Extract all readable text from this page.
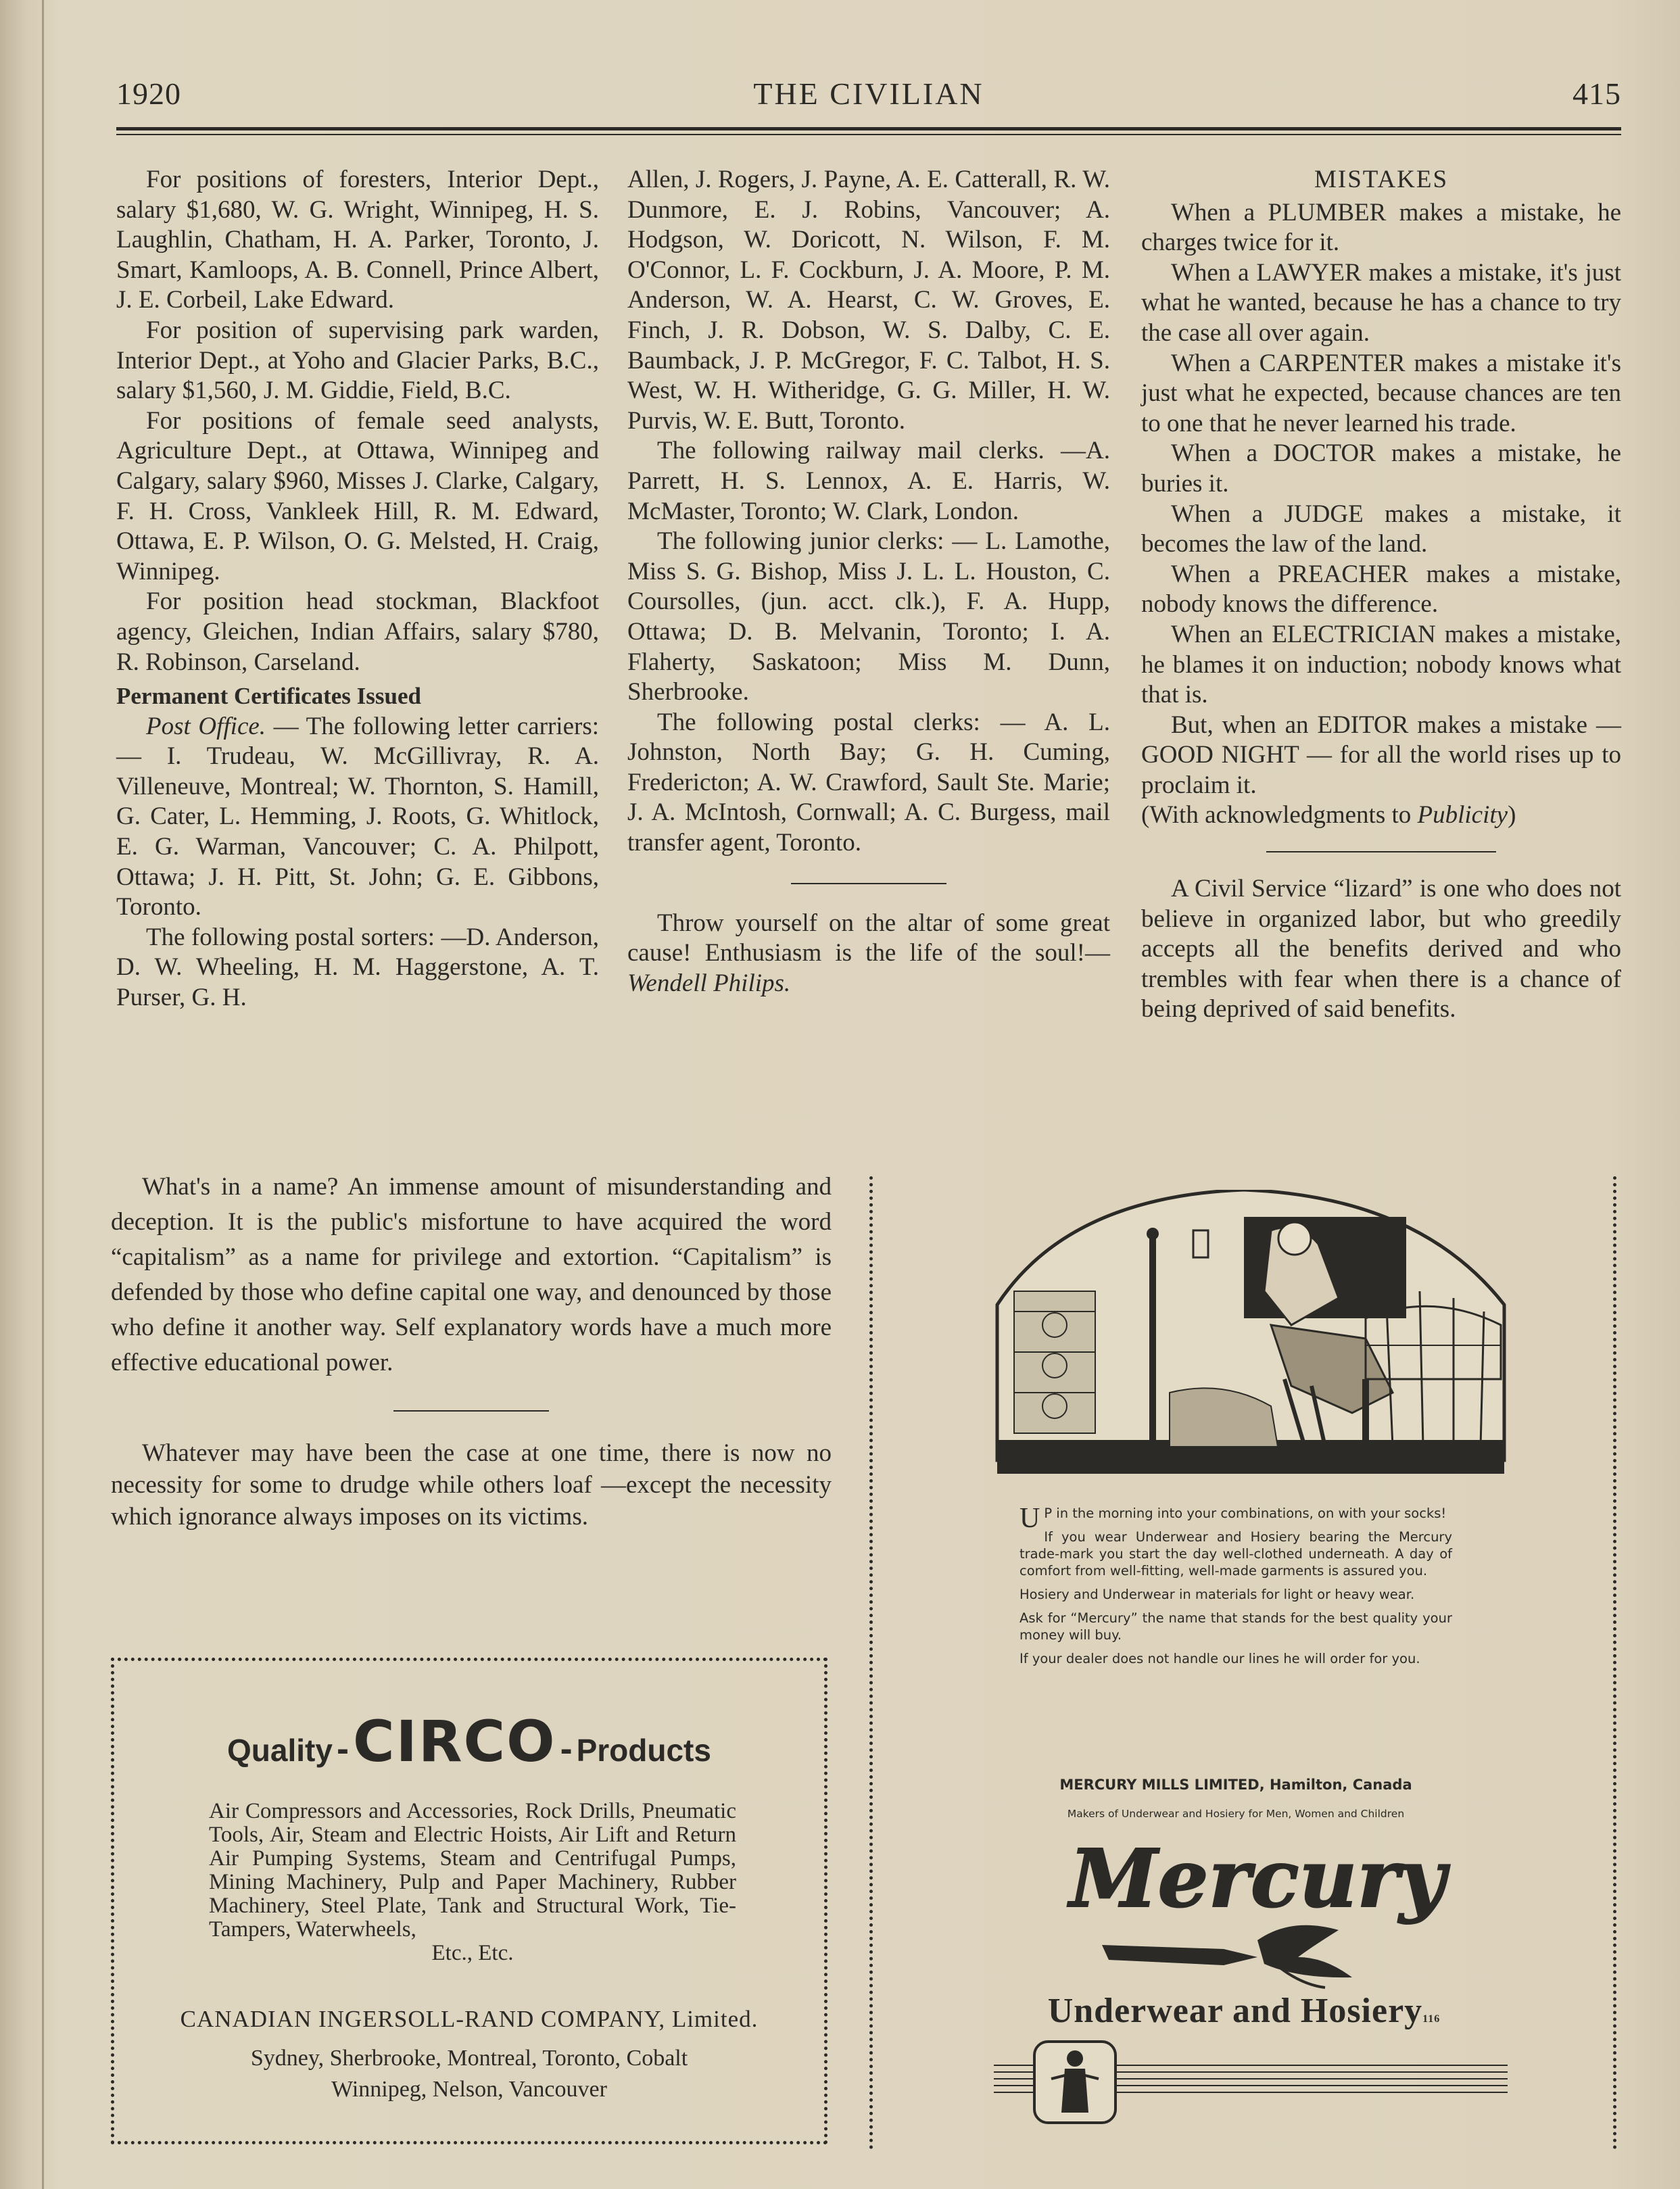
1920	THE CIVILIAN	415

For positions of foresters, Interior Dept., salary $1,680, W. G. Wright, Winnipeg, H. S. Laughlin, Chatham, H. A. Parker, Toronto, J. Smart, Kamloops, A. B. Connell, Prince Albert, J. E. Corbeil, Lake Edward.

For position of supervising park warden, Interior Dept., at Yoho and Glacier Parks, B.C., salary $1,560, J. M. Giddie, Field, B.C.

For positions of female seed analysts, Agriculture Dept., at Ottawa, Winnipeg and Calgary, salary $960, Misses J. Clarke, Calgary, F. H. Cross, Vankleek Hill, R. M. Edward, Ottawa, E. P. Wilson, O. G. Melsted, H. Craig, Winnipeg.

For position head stockman, Blackfoot agency, Gleichen, Indian Affairs, salary $780, R. Robinson, Carseland.

Permanent Certificates Issued

Post Office. — The following letter carriers: — I. Trudeau, W. McGillivray, R. A. Villeneuve, Montreal; W. Thornton, S. Hamill, G. Cater, L. Hemming, J. Roots, G. Whitlock, E. G. Warman, Vancouver; C. A. Philpott, Ottawa; J. H. Pitt, St. John; G. E. Gibbons, Toronto.

The following postal sorters: —D. Anderson, D. W. Wheeling, H. M. Haggerstone, A. T. Purser, G. H.

Allen, J. Rogers, J. Payne, A. E. Catterall, R. W. Dunmore, E. J. Robins, Vancouver; A. Hodgson, W. Doricott, N. Wilson, F. M. O'Connor, L. F. Cockburn, J. A. Moore, P. M. Anderson, W. A. Hearst, C. W. Groves, E. Finch, J. R. Dobson, W. S. Dalby, C. E. Baumback, J. P. McGregor, F. C. Talbot, H. S. West, W. H. Witheridge, G. G. Miller, H. W. Purvis, W. E. Butt, Toronto.

The following railway mail clerks. —A. Parrett, H. S. Lennox, A. E. Harris, W. McMaster, Toronto; W. Clark, London.

The following junior clerks: — L. Lamothe, Miss S. G. Bishop, Miss J. L. L. Houston, C. Coursolles, (jun. acct. clk.), F. A. Hupp, Ottawa; D. B. Melvanin, Toronto; I. A. Flaherty, Saskatoon; Miss M. Dunn, Sherbrooke.

The following postal clerks: — A. L. Johnston, North Bay; G. H. Cuming, Fredericton; A. W. Crawford, Sault Ste. Marie; J. A. McIntosh, Cornwall; A. C. Burgess, mail transfer agent, Toronto.

Throw yourself on the altar of some great cause! Enthusiasm is the life of the soul!—Wendell Philips.

MISTAKES

When a PLUMBER makes a mistake, he charges twice for it.

When a LAWYER makes a mistake, it's just what he wanted, because he has a chance to try the case all over again.

When a CARPENTER makes a mistake it's just what he expected, because chances are ten to one that he never learned his trade.

When a DOCTOR makes a mistake, he buries it.

When a JUDGE makes a mistake, it becomes the law of the land.

When a PREACHER makes a mistake, nobody knows the difference.

When an ELECTRICIAN makes a mistake, he blames it on induction; nobody knows what that is.

But, when an EDITOR makes a mistake — GOOD NIGHT — for all the world rises up to proclaim it.

(With acknowledgments to Publicity)

A Civil Service “lizard” is one who does not believe in organized labor, but who greedily accepts all the benefits derived and who trembles with fear when there is a chance of being deprived of said benefits.

What's in a name? An immense amount of misunderstanding and deception. It is the public's misfortune to have acquired the word “capitalism” as a name for privilege and extortion. “Capitalism” is defended by those who define capital one way, and denounced by those who define it another way. Self explanatory words have a much more effective educational power.

Whatever may have been the case at one time, there is now no necessity for some to drudge while others loaf —except the necessity which ignorance always imposes on its victims.

Quality -CIRCO - Products
Air Compressors and Accessories, Rock Drills, Pneumatic Tools, Air, Steam and Electric Hoists, Air Lift and Return Air Pumping Systems, Steam and Centrifugal Pumps, Mining Machinery, Pulp and Paper Machinery, Rubber Machinery, Steel Plate, Tank and Structural Work, Tie-Tampers, Waterwheels,
Etc., Etc.
CANADIAN INGERSOLL-RAND COMPANY, Limited.
Sydney, Sherbrooke, Montreal, Toronto, Cobalt
Winnipeg, Nelson, Vancouver

U P in the morning into your combinations, on with your socks!

If you wear Underwear and Hosiery bearing the Mercury trade-mark you start the day well-clothed underneath. A day of comfort from well-fitting, well-made garments is assured you.

Hosiery and Underwear in materials for light or heavy wear.

Ask for “Mercury” the name that stands for the best quality your money will buy.

If your dealer does not handle our lines he will order for you.

MERCURY MILLS LIMITED, Hamilton, Canada
Makers of Underwear and Hosiery for Men, Women and Children
Mercury
Underwear and Hosiery116
